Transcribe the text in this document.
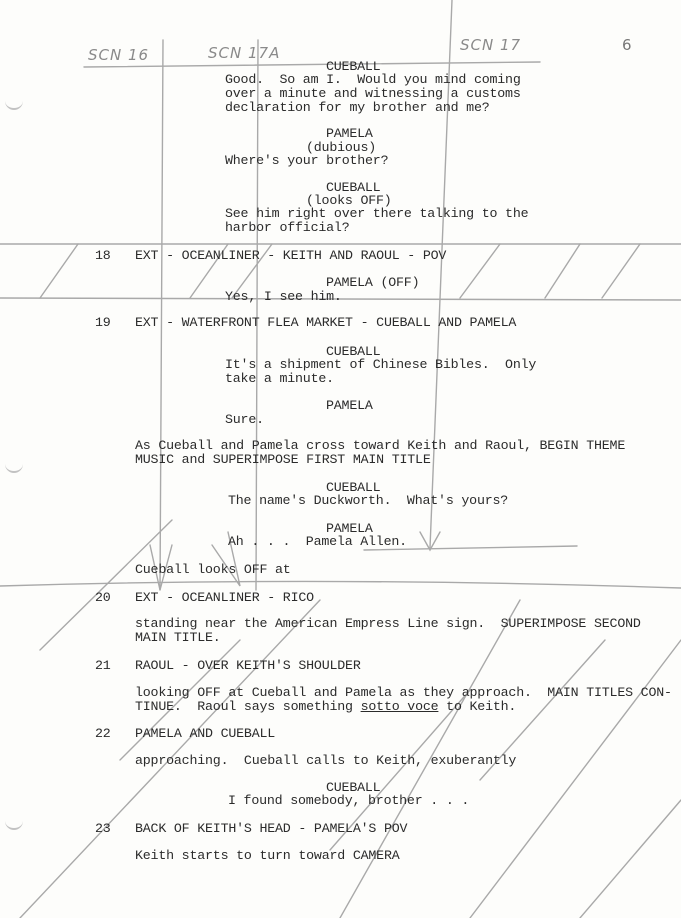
SCN 16	SCN 17A	SCN 17	6

CUEBALL

Good.  So am I.  Would you mind coming

over a minute and witnessing a customs

declaration for my brother and me?

PAMELA

(dubious)

Where's your brother?

CUEBALL

(looks OFF)

See him right over there talking to the

harbor official?

18 EXT - OCEANLINER - KEITH AND RAOUL - POV

PAMELA (OFF)

Yes, I see him.

19 EXT - WATERFRONT FLEA MARKET - CUEBALL AND PAMELA

CUEBALL

It's a shipment of Chinese Bibles.  Only

take a minute.

PAMELA

Sure.

As Cueball and Pamela cross toward Keith and Raoul, BEGIN THEME

MUSIC and SUPERIMPOSE FIRST MAIN TITLE

CUEBALL

The name's Duckworth.  What's yours?

PAMELA

Ah . . .  Pamela Allen.

Cueball looks OFF at

20 EXT - OCEANLINER - RICO

standing near the American Empress Line sign.  SUPERIMPOSE SECOND

MAIN TITLE.

21 RAOUL - OVER KEITH'S SHOULDER

looking OFF at Cueball and Pamela as they approach.  MAIN TITLES CON-

TINUE.  Raoul says something sotto voce to Keith.

22 PAMELA AND CUEBALL

approaching.  Cueball calls to Keith, exuberantly

CUEBALL

I found somebody, brother . . .

23 BACK OF KEITH'S HEAD - PAMELA'S POV

Keith starts to turn toward CAMERA
